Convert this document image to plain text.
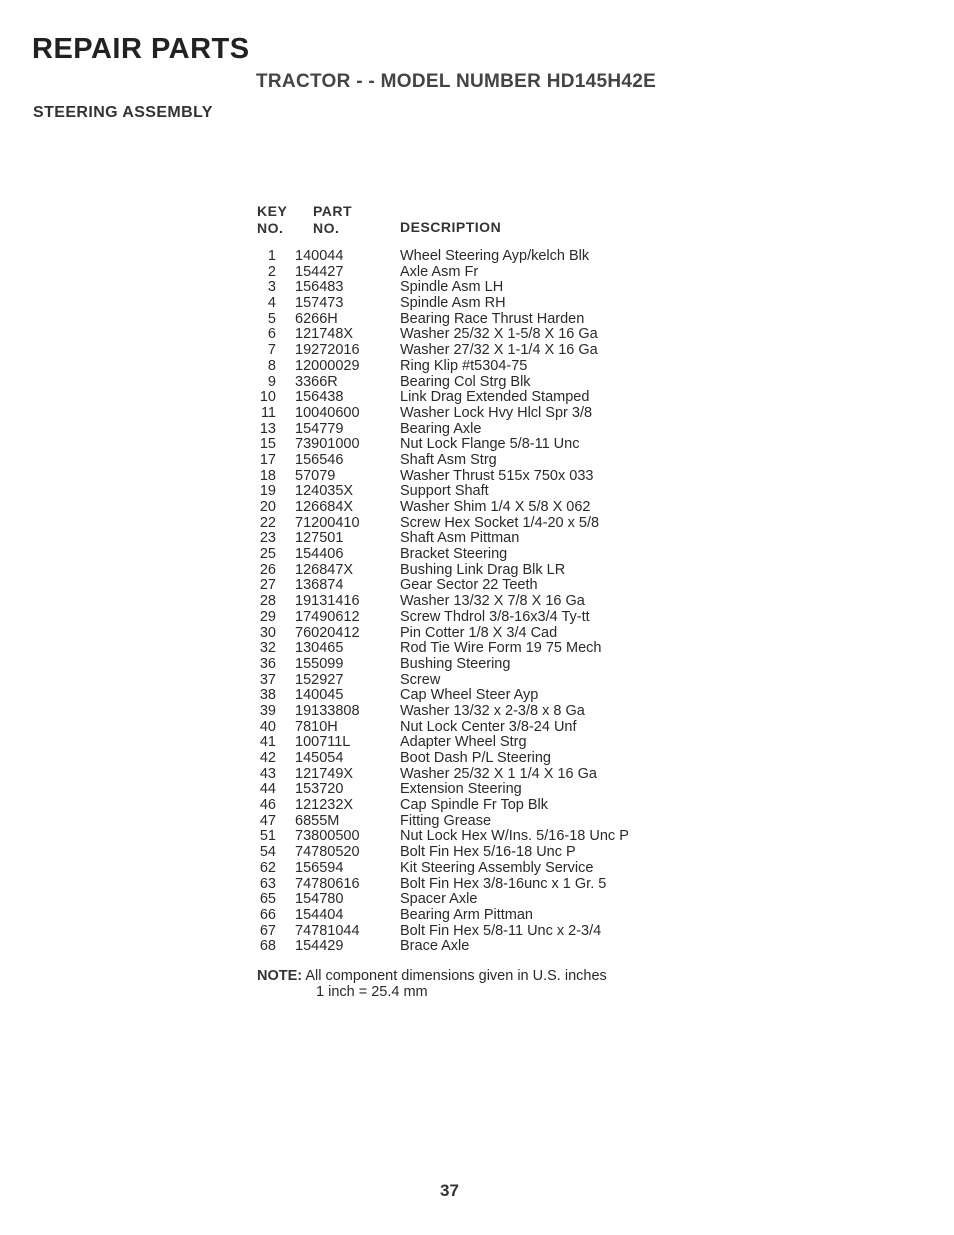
REPAIR PARTS
TRACTOR - - MODEL NUMBER HD145H42E
STEERING ASSEMBLY
KEY
NO.
PART
NO.	DESCRIPTION
1 140044	Wheel Steering Ayp/kelch Blk
2 154427	Axle Asm Fr
3 156483	Spindle Asm LH
4 157473	Spindle Asm RH
5 6266H	Bearing Race Thrust Harden
6 121748X	Washer 25/32 X 1-5/8 X 16 Ga
7 19272016	Washer 27/32 X 1-1/4 X 16 Ga
8 12000029	Ring Klip #t5304-75
9 3366R	Bearing Col Strg Blk
10 156438	Link Drag Extended Stamped
11 10040600	Washer Lock Hvy Hlcl Spr 3/8
13 154779	Bearing Axle
15 73901000	Nut Lock Flange 5/8-11 Unc
17 156546	Shaft Asm Strg
18 57079	Washer Thrust 515x 750x 033
19 124035X	Support Shaft
20 126684X	Washer Shim 1/4 X 5/8 X 062
22 71200410	Screw Hex Socket 1/4-20 x 5/8
23 127501	Shaft Asm Pittman
25 154406	Bracket Steering
26 126847X	Bushing Link Drag Blk LR
27 136874	Gear Sector 22 Teeth
28 19131416	Washer 13/32 X 7/8 X 16 Ga
29 17490612	Screw Thdrol 3/8-16x3/4 Ty-tt
30 76020412	Pin Cotter 1/8 X 3/4 Cad
32 130465	Rod Tie Wire Form 19 75 Mech
36 155099	Bushing Steering
37 152927	Screw
38 140045	Cap Wheel Steer Ayp
39 19133808	Washer 13/32 x 2-3/8 x 8 Ga
40 7810H	Nut Lock Center 3/8-24 Unf
41 100711L	Adapter Wheel Strg
42 145054	Boot Dash P/L Steering
43 121749X	Washer 25/32 X 1 1/4 X 16 Ga
44 153720	Extension Steering
46 121232X	Cap Spindle Fr Top Blk
47 6855M	Fitting Grease
51 73800500	Nut Lock Hex W/Ins. 5/16-18 Unc P
54 74780520	Bolt Fin Hex 5/16-18 Unc P
62 156594	Kit Steering Assembly Service
63 74780616	Bolt Fin Hex 3/8-16unc x 1 Gr. 5
65 154780	Spacer Axle
66 154404	Bearing Arm Pittman
67 74781044	Bolt Fin Hex 5/8-11 Unc x 2-3/4
68 154429	Brace Axle
NOTE: All component dimensions given in U.S. inches
1 inch = 25.4 mm
37
